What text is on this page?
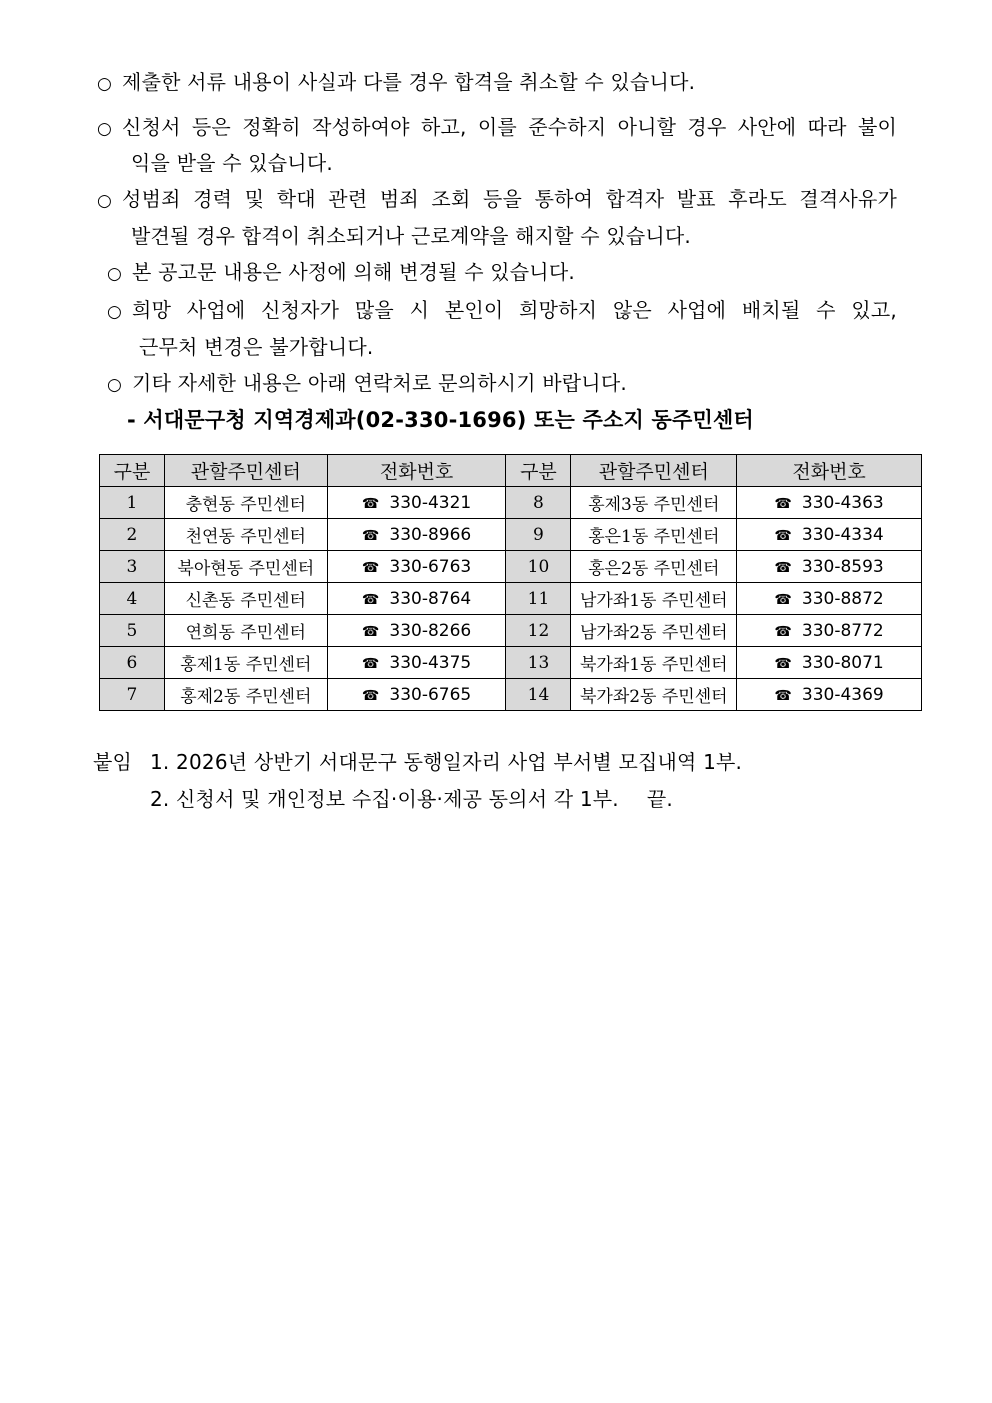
○ 제출한 서류 내용이 사실과 다를 경우 합격을 취소할 수 있습니다.
○ 신청서 등은 정확히 작성하여야 하고, 이를 준수하지 아니할 경우 사안에 따라 불이
익을 받을 수 있습니다.
○ 성범죄 경력 및 학대 관련 범죄 조회 등을 통하여 합격자 발표 후라도 결격사유가
발견될 경우 합격이 취소되거나 근로계약을 해지할 수 있습니다.
○ 본 공고문 내용은 사정에 의해 변경될 수 있습니다.
○ 희망 사업에 신청자가 많을 시 본인이 희망하지 않은 사업에 배치될 수 있고,
근무처 변경은 불가합니다.
○ 기타 자세한 내용은 아래 연락처로 문의하시기 바랍니다.
- 서대문구청 지역경제과(02-330-1696) 또는 주소지 동주민센터
구분	관할주민센터	전화번호	구분	관할주민센터	전화번호
1	충현동 주민센터	☎ 330-4321	8	홍제3동 주민센터	☎ 330-4363
2	천연동 주민센터	☎ 330-8966	9	홍은1동 주민센터	☎ 330-4334
3	북아현동 주민센터	☎ 330-6763	10	홍은2동 주민센터	☎ 330-8593
4	신촌동 주민센터	☎ 330-8764	11	남가좌1동 주민센터	☎ 330-8872
5	연희동 주민센터	☎ 330-8266	12	남가좌2동 주민센터	☎ 330-8772
6	홍제1동 주민센터	☎ 330-4375	13	북가좌1동 주민센터	☎ 330-8071
7	홍제2동 주민센터	☎ 330-6765	14	북가좌2동 주민센터	☎ 330-4369
붙임 1. 2026년 상반기 서대문구 동행일자리 사업 부서별 모집내역 1부.
2. 신청서 및 개인정보 수집·이용·제공 동의서 각 1부. 끝.
